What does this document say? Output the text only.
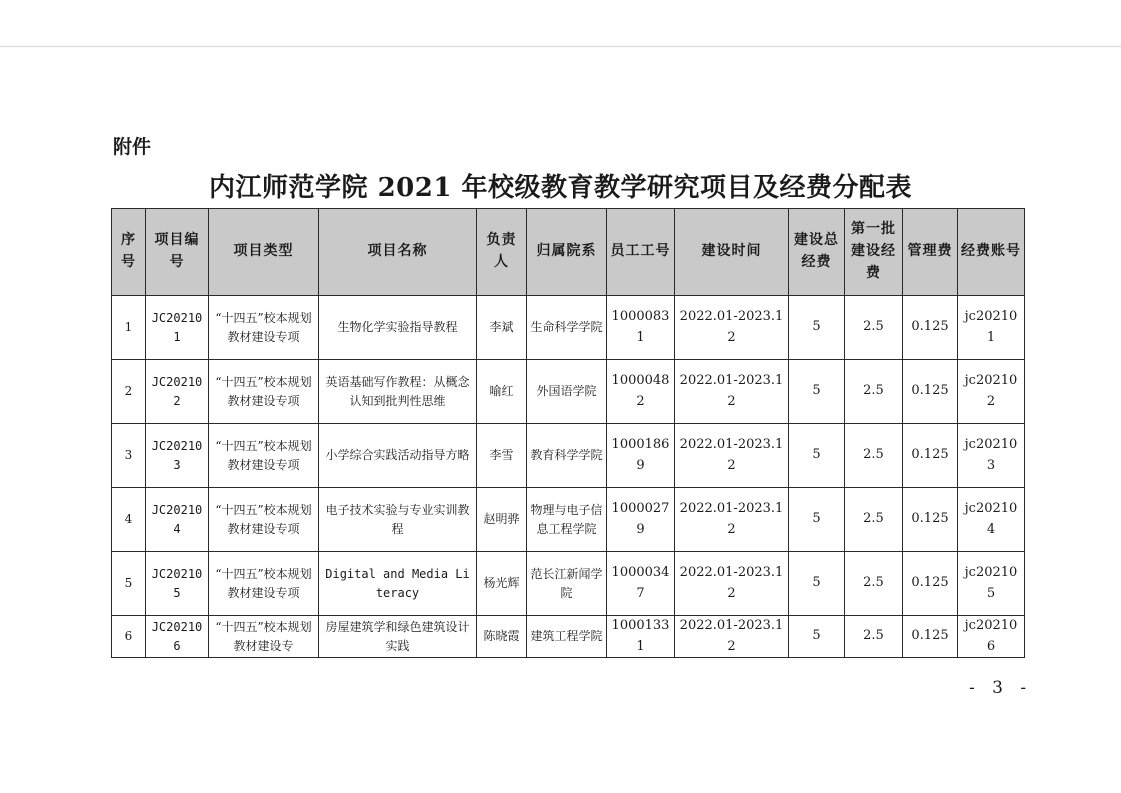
附件
内江师范学院 2021 年校级教育教学研究项目及经费分配表
序号	项目编号	项目类型	项目名称	负责人	归属院系	员工工号	建设时间	建设总经费	第一批建设经费	管理费	经费账号
1	JC202101	“十四五”校本规划教材建设专项	生物化学实验指导教程	李斌	生命科学学院	10000831	2022.01-2023.12	5	2.5	0.125	jc202101
2	JC202102	“十四五”校本规划教材建设专项	英语基础写作教程：从概念认知到批判性思维	喻红	外国语学院	10000482	2022.01-2023.12	5	2.5	0.125	jc202102
3	JC202103	“十四五”校本规划教材建设专项	小学综合实践活动指导方略	李雪	教育科学学院	10001869	2022.01-2023.12	5	2.5	0.125	jc202103
4	JC202104	“十四五”校本规划教材建设专项	电子技术实验与专业实训教程	赵明骅	物理与电子信息工程学院	10000279	2022.01-2023.12	5	2.5	0.125	jc202104
5	JC202105	“十四五”校本规划教材建设专项	Digital and Media Literacy	杨光辉	范长江新闻学院	10000347	2022.01-2023.12	5	2.5	0.125	jc202105
6	JC202106	“十四五”校本规划教材建设专	房屋建筑学和绿色建筑设计实践	陈晓霞	建筑工程学院	10001331	2022.01-2023.12	5	2.5	0.125	jc202106
- 3 -
